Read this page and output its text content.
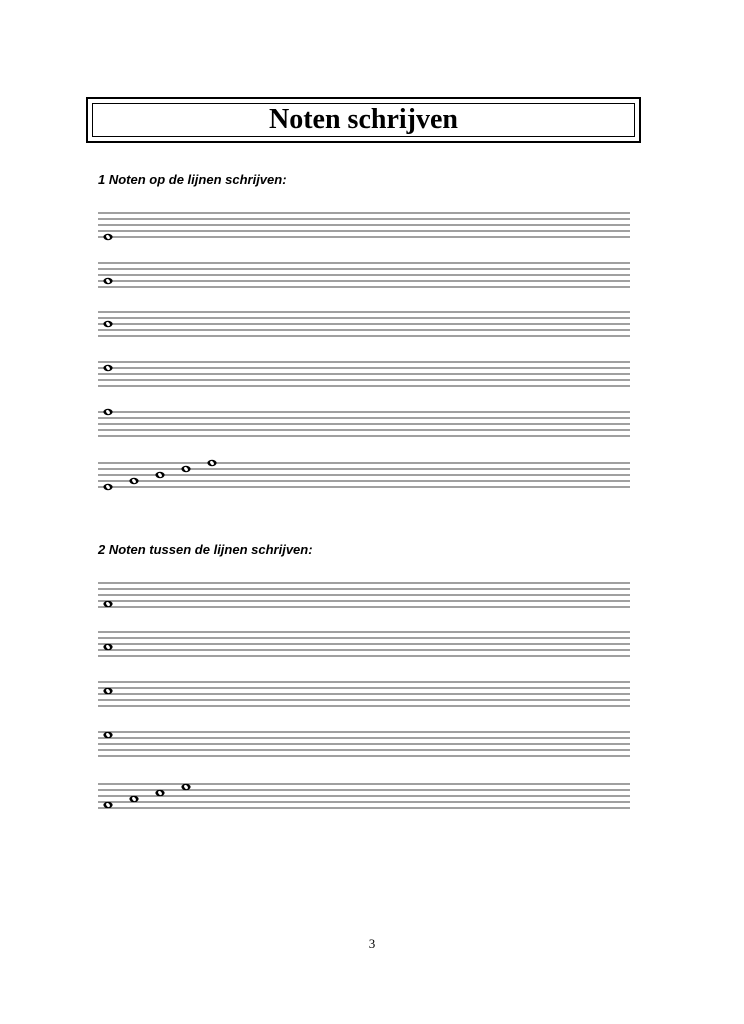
Noten schrijven
1 Noten op de lijnen schrijven:
2 Noten tussen de lijnen schrijven:
3
